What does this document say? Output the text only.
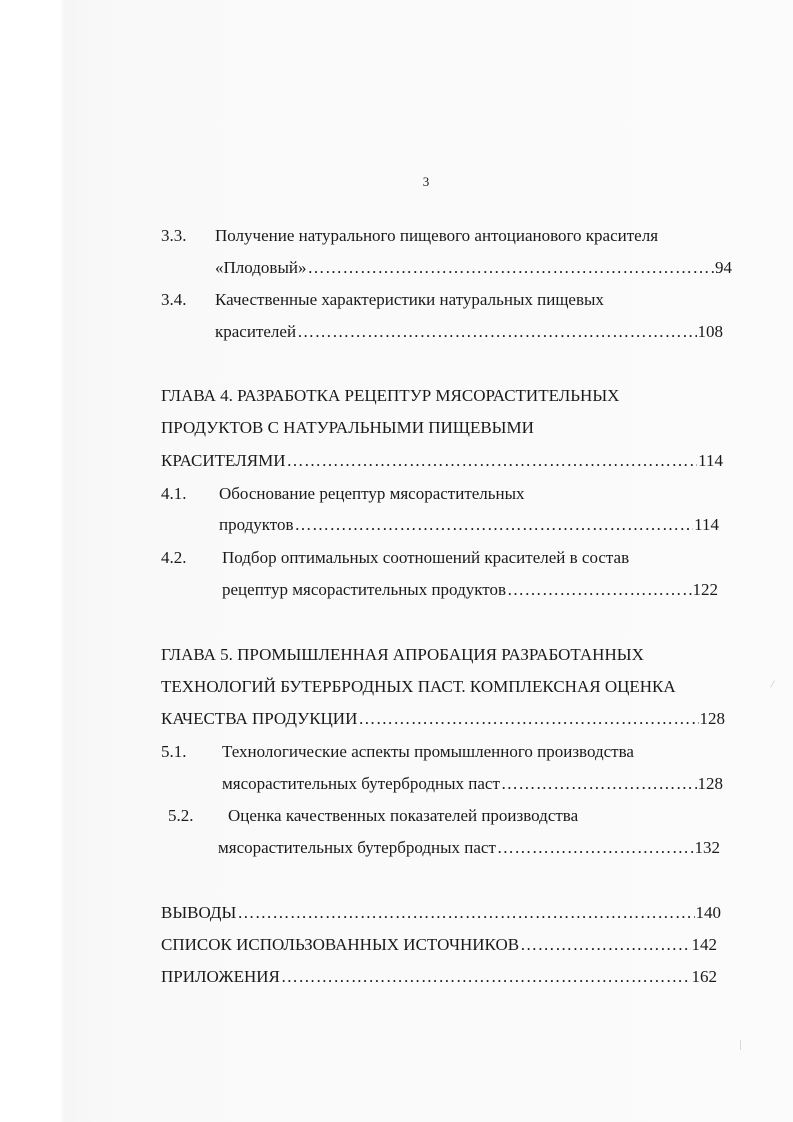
3
3.3. Получение натурального пищевого антоцианового красителя
«Плодовый» ……………………………………………………………………………………………………………………………………………………………………	94
3.4. Качественные характеристики натуральных пищевых
красителей ……………………………………………………………………………………………………………………………………………………………………	108
ГЛАВА 4. РАЗРАБОТКА РЕЦЕПТУР МЯСОРАСТИТЕЛЬНЫХ
ПРОДУКТОВ С НАТУРАЛЬНЫМИ ПИЩЕВЫМИ
КРАСИТЕЛЯМИ ……………………………………………………………………………………………………………………………………………………………………	114
4.1. Обоснование рецептур мясорастительных
продуктов ……………………………………………………………………………………………………………………………………………………………………	114
4.2. Подбор оптимальных соотношений красителей в состав
рецептур мясорастительных продуктов ……………………………………………………………………………………………………………………………………………………………………	122
ГЛАВА 5. ПРОМЫШЛЕННАЯ АПРОБАЦИЯ РАЗРАБОТАННЫХ
ТЕХНОЛОГИЙ БУТЕРБРОДНЫХ ПАСТ. КОМПЛЕКСНАЯ ОЦЕНКА
КАЧЕСТВА ПРОДУКЦИИ ……………………………………………………………………………………………………………………………………………………………………	128
5.1. Технологические аспекты промышленного производства
мясорастительных бутербродных паст ……………………………………………………………………………………………………………………………………………………………………	128
5.2. Оценка качественных показателей производства
мясорастительных бутербродных паст ……………………………………………………………………………………………………………………………………………………………………	132
ВЫВОДЫ ……………………………………………………………………………………………………………………………………………………………………	140
СПИСОК ИСПОЛЬЗОВАННЫХ ИСТОЧНИКОВ ……………………………………………………………………………………………………………………………………………………………………	142
ПРИЛОЖЕНИЯ ……………………………………………………………………………………………………………………………………………………………………	162
